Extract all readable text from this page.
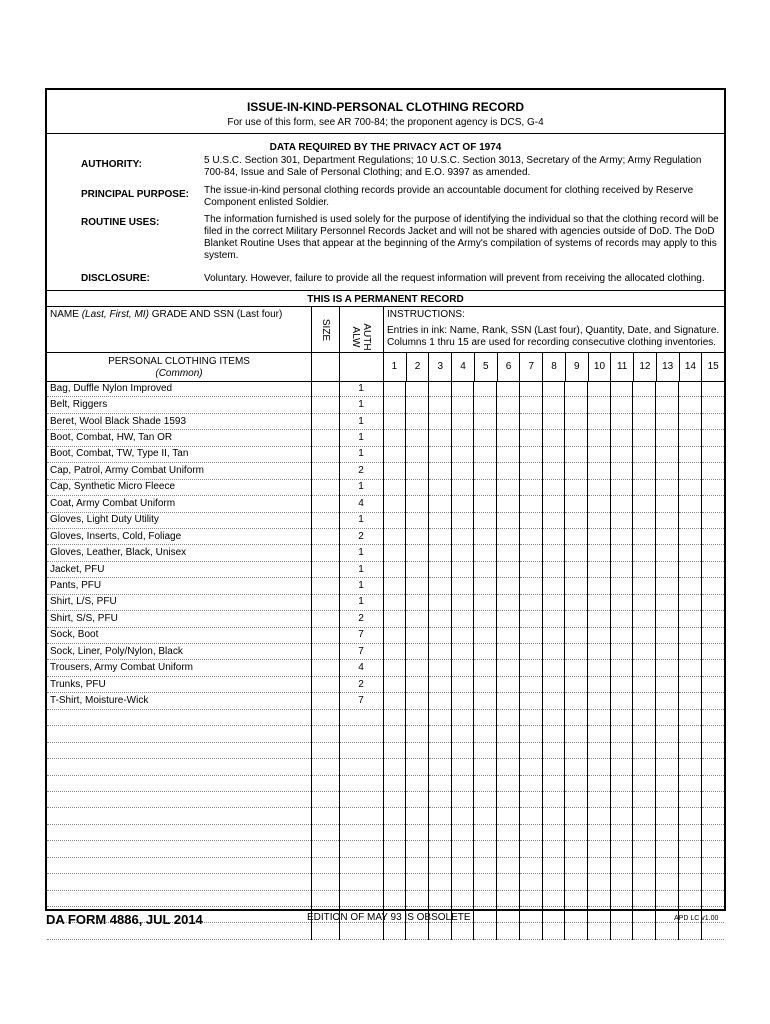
ISSUE-IN-KIND-PERSONAL CLOTHING RECORD
For use of this form, see AR 700-84; the proponent agency is DCS, G-4
DATA REQUIRED BY THE PRIVACY ACT OF 1974
AUTHORITY:	5 U.S.C. Section 301, Department Regulations; 10 U.S.C. Section 3013, Secretary of the Army; Army Regulation 700-84, Issue and Sale of Personal Clothing; and E.O. 9397 as amended.
PRINCIPAL PURPOSE: The issue-in-kind personal clothing records provide an accountable document for clothing received by Reserve Component enlisted Soldier.
ROUTINE USES:	The information furnished is used solely for the purpose of identifying the individual so that the clothing record will be filed in the correct Military Personnel Records Jacket and will not be shared with agencies outside of DoD. The DoD Blanket Routine Uses that appear at the beginning of the Army's compilation of systems of records may apply to this system.
DISCLOSURE:	Voluntary. However, failure to provide all the request information will prevent from receiving the allocated clothing.
THIS IS A PERMANENT RECORD
NAME (Last, First, MI) GRADE AND SSN (Last four)
SIZE	AUTH
ALW
INSTRUCTIONS:
Entries in ink: Name, Rank, SSN (Last four), Quantity, Date, and Signature.
Columns 1 thru 15 are used for recording consecutive clothing inventories.
PERSONAL CLOTHING ITEMS
(Common)
1	2	3	4	5	6	7	8	9	10	11	12	13	14	15
Bag, Duffle Nylon Improved		1															
Belt, Riggers		1															
Beret, Wool Black Shade 1593		1															
Boot, Combat, HW, Tan OR		1															
Boot, Combat, TW, Type II, Tan		1															
Cap, Patrol, Army Combat Uniform		2															
Cap, Synthetic Micro Fleece		1															
Coat, Army Combat Uniform		4															
Gloves, Light Duty Utility		1															
Gloves, Inserts, Cold, Foliage		2															
Gloves, Leather, Black, Unisex		1															
Jacket, PFU		1															
Pants, PFU		1															
Shirt, L/S, PFU		1															
Shirt, S/S, PFU		2															
Sock, Boot		7															
Sock, Liner, Poly/Nylon, Black		7															
Trousers, Army Combat Uniform		4															
Trunks, PFU		2															
T-Shirt, Moisture-Wick		7															

DA FORM 4886, JUL 2014	EDITION OF MAY 93 IS OBSOLETE	APD LC v1.00
